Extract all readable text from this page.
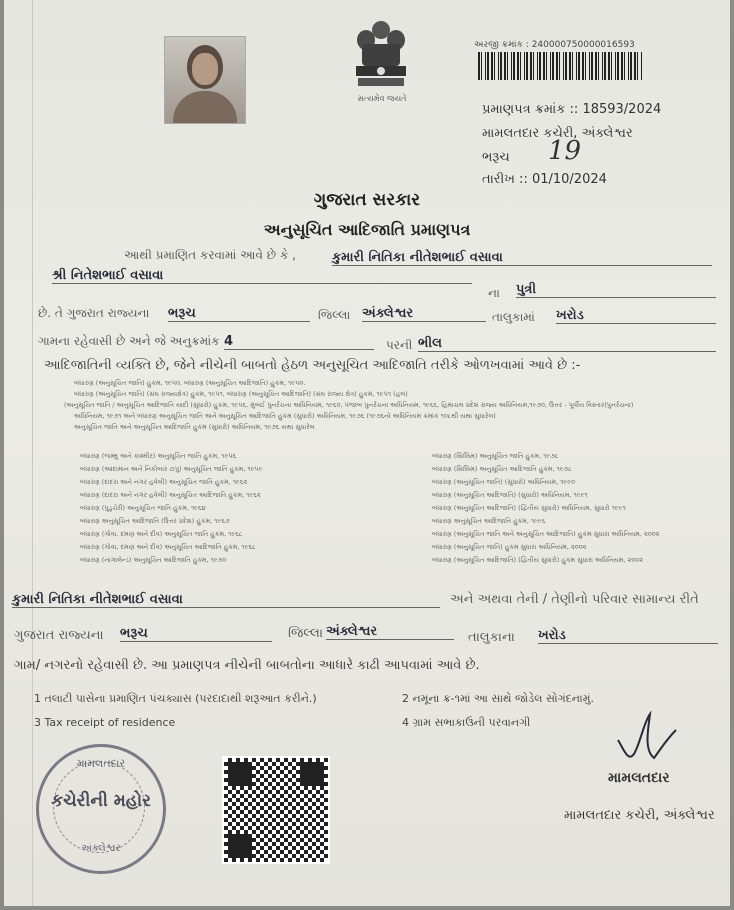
સત્યમેવ જયતે
અરજી ક્રમાંક : 240000750000016593
પ્રમાણપત્ર ક્રમાંક :: 18593/2024
મામલતદાર કચેરી, અંક્લેશ્વર
ભરૂચ 19
તારીખ :: 01/10/2024
ગુજરાત સરકાર
અનુસૂચિત આદિજાતિ પ્રમાણપત્ર
આથી પ્રમાણિત કરવામાં આવે છે કે ,	કુમારી નિતિકા નીતેશભાઈ વસાવા
શ્રી નિતેશભાઈ વસાવા
ના પુત્રી
છે. તે ગુજરાત રાજ્યના ભરૂચ	જિલ્લા અંક્લેશ્વર	તાલુકામાં ખરોડ
ગામના રહેવાસી છે અને જે અનુક્રમાંક 4	પરની ભીલ
આદિજાતિની વ્યક્તિ છે, જેને નીચેની બાબતો હેઠળ અનુસૂચિત આદિજાતિ તરીકે ઓળખવામાં આવે છે :-
બંધારણ (અનુસૂચિત જાતિ) હુકમ, ૧૯૫૦, બંધારણ (અનુસૂચિત આદિજાતિ) હુકમ, ૧૯૫૦.
બંધારણ (અનુસૂચિત જાતિ) (સંઘ રાજ્યક્ષેત્ર) હુકમ, ૧૯૫૧, બંધારણ (અનુસૂચિત આદિજાતિ) (સંઘ રાજ્ય ક્ષેત્ર) હુકમ, ૧૯૫૧ (હલ)
(અનુસૂચિત જાતિ / અનુસૂચિત આદિજાતિ યાદી (સુધારો) હુકમ, ૧૯૫૬, મુંબઈ પુનર્રચના અધિનિયમ, ૧૯૬૦, પંજાબ પુનર્રચના અધિનિયમ, ૧૯૬૬, હિમાચલ પ્રદેશ રાજ્ય અધિનિયમ,૧૯૭૦, ઉત્તર - પૂર્વીય વિસ્તાર(પુનર્રચના)
અધિનિયમ, ૧૯૭૧ અને બંધારણ અનુસૂચિત જાતિ અને અનુસૂચિત આદિજાતિ હુકમ (સુધારો) અધિનિયમ, ૧૯૭૬ (૧૯૭૬નો અધિનિયમ ક્રમાંક ૧૦૮થી યથા સુધારેલ)
અનુસૂચિત જાતિ અને અનુસૂચિત આદિજાતિ હુકમ (સુધારો) અધિનિયમ, ૧૯૭૬ યથા સુધારેલ
બંધારણ (જમ્મુ અને કાશ્મીર) અનુસૂચિત જાતિ હુકમ, ૧૯૫૬
બંધારણ (આંદામાન અને નિકોબાર ટાપુ) અનુસૂચિત જાતિ હુકમ, ૧૯૫૯
બંધારણ (દાદરા અને નગર હવેલી) અનુસૂચિત જાતિ હુકમ, ૧૯૬૨
બંધારણ (દાદરા અને નગર હવેલી) અનુસૂચિત આદિજાતિ હુકમ, ૧૯૬૨
બંધારણ (પુડુચેરી) અનુસૂચિત જાતિ હુકમ, ૧૯૬૪
બંધારણ અનુસૂચિત આદિજાતિ (ઉત્તર પ્રદેશ) હુકમ, ૧૯૬૭
બંધારણ (ગોવા, દમણ અને દીવ) અનુસૂચિત જાતિ હુકમ, ૧૯૬૮
બંધારણ (ગોવા, દમણ અને દીવ) અનુસૂચિત આદિજાતિ હુકમ, ૧૯૬૮
બંધારણ (નાગાલેન્ડ) અનુસૂચિત આદિજાતિ હુકમ, ૧૯૭૦
બંધારણ (સિક્કિમ) અનુસૂચિત જાતિ હુકમ, ૧૯૭૮
બંધારણ (સિક્કિમ) અનુસૂચિત આદિજાતિ હુકમ, ૧૯૭૮
બંધારણ (અનુસૂચિત જાતિ) (સુધારો) અધિનિયમ, ૧૯૯૦
બંધારણ (અનુસૂચિત આદિજાતિ) (સુધારો) અધિનિયમ, ૧૯૯૧
બંધારણ (અનુસૂચિત આદિજાતિ) (દ્વિતીય સુધારો) અધિનિયમ, સુધારો ૧૯૯૧
બંધારણ અનુસૂચિત આદિજાતિ હુકમ, ૧૯૯૬
બંધારણ (અનુસૂચિત જાતિ અને અનુસૂચિત આદિજાતિ) હુકમ સુધારા અધિનિયમ, ૨૦૦૨
બંધારણ (અનુસૂચિત જાતિ) હુકમ સુધારા અધિનિયમ, ૨૦૦૨
બંધારણ (અનુસૂચિત આદિજાતિ) (દ્વિતીય સુધારો) હુકમ સુધારા અધિનિયમ, ૨૦૦૨
કુમારી નિતિકા નીતેશભાઈ વસાવા	અને અથવા તેની / તેણીનો પરિવાર સામાન્ય રીતે
ગુજરાત રાજ્યના ભરૂચ	જિલ્લા અંક્લેશ્વર	તાલુકાના ખરોડ
ગામ/ નગરનો રહેવાસી છે. આ પ્રમાણપત્ર નીચેની બાબતોના આધારે કાઢી આપવામાં આવે છે.
1 તલાટી પાસેના પ્રમાણિત પંચક્યાસ (પરદાદાથી શરૂઆત કરીને.)	2 નમૂના ક્ર-૧માં આ સાથે જોડેલ સોગંદનામું.
3 Tax receipt of residence	4 ગ્રામ સભાકાઉની પરવાનગી
મામલતદાર
કચેરીની મહોર
અંક્લેશ્વર
મામલતદાર
મામલતદાર કચેરી, અંક્લેશ્વર
